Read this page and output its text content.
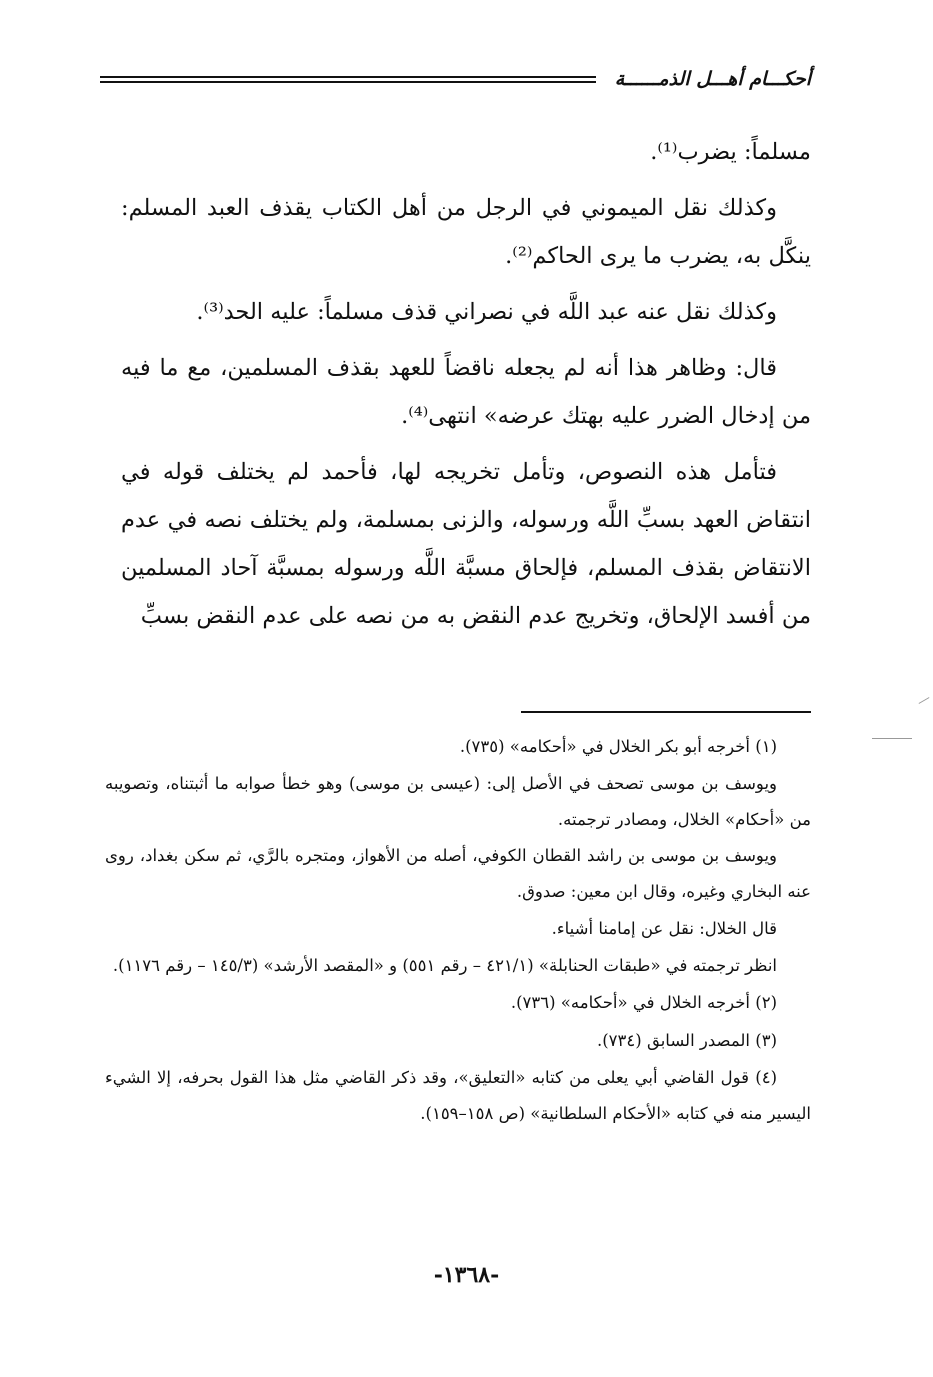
أحكـــام أهـــل الذمــــــة

مسلماً: يضرب⁽¹⁾.

وكذلك نقل الميموني في الرجل من أهل الكتاب يقذف العبد المسلم: ينكَّل به، يضرب ما يرى الحاكم⁽²⁾.

وكذلك نقل عنه عبد اللَّه في نصراني قذف مسلماً: عليه الحد⁽³⁾.

قال: وظاهر هذا أنه لم يجعله ناقضاً للعهد بقذف المسلمين، مع ما فيه من إدخال الضرر عليه بهتك عرضه» انتهى⁽⁴⁾.

فتأمل هذه النصوص، وتأمل تخريجه لها، فأحمد لم يختلف قوله في انتقاض العهد بسبِّ اللَّه ورسوله، والزنى بمسلمة، ولم يختلف نصه في عدم الانتقاض بقذف المسلم، فإلحاق مسبَّة اللَّه ورسوله بمسبَّة آحاد المسلمين من أفسد الإلحاق، وتخريج عدم النقض به من نصه على عدم النقض بسبِّ

(١) أخرجه أبو بكر الخلال في «أحكامه» (٧٣٥).

ويوسف بن موسى تصحف في الأصل إلى: (عيسى بن موسى) وهو خطأ صوابه ما أثبتناه، وتصويبه من «أحكام» الخلال، ومصادر ترجمته.

ويوسف بن موسى بن راشد القطان الكوفي، أصله من الأهواز، ومتجره بالرَّي، ثم سكن بغداد، روى عنه البخاري وغيره، وقال ابن معين: صدوق.

قال الخلال: نقل عن إمامنا أشياء.

انظر ترجمته في «طبقات الحنابلة» (٤٢١/١ – رقم ٥٥١) و «المقصد الأرشد» (١٤٥/٣ – رقم ١١٧٦).

(٢) أخرجه الخلال في «أحكامه» (٧٣٦).

(٣) المصدر السابق (٧٣٤).

(٤) قول القاضي أبي يعلى من كتابه «التعليق»، وقد ذكر القاضي مثل هذا القول بحرفه، إلا الشيء اليسير منه في كتابه «الأحكام السلطانية» (ص ١٥٨–١٥٩).

-١٣٦٨-
